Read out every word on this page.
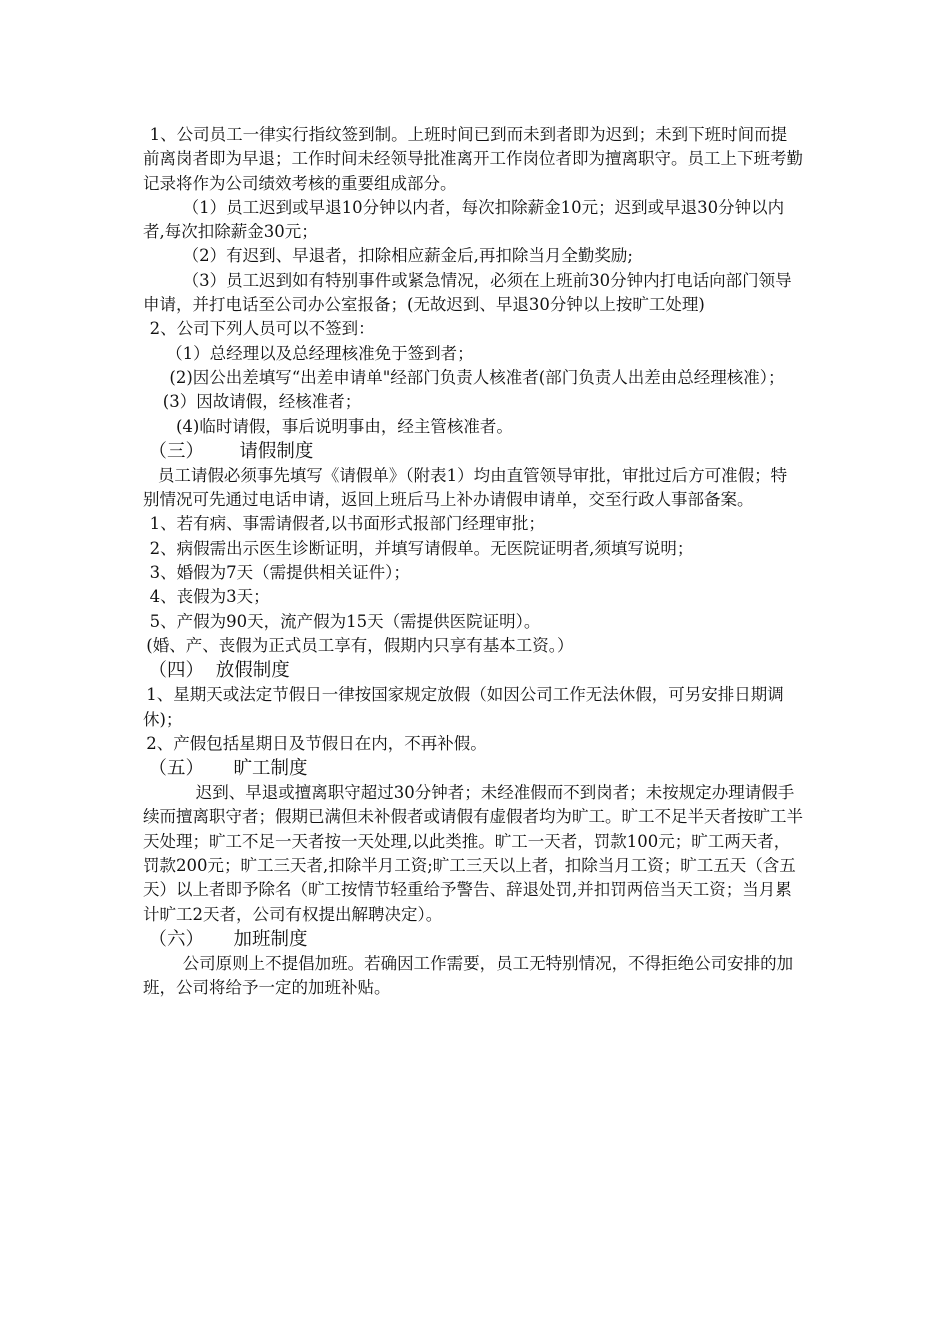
1、公司员工一律实行指纹签到制。上班时间已到而未到者即为迟到；未到下班时间而提前离岗者即为早退；工作时间未经领导批准离开工作岗位者即为擅离职守。员工上下班考勤记录将作为公司绩效考核的重要组成部分。

（1）员工迟到或早退10分钟以内者，每次扣除薪金10元；迟到或早退30分钟以内者,每次扣除薪金30元；

（2）有迟到、早退者，扣除相应薪金后,再扣除当月全勤奖励;

（3）员工迟到如有特别事件或紧急情况，必须在上班前30分钟内打电话向部门领导申请，并打电话至公司办公室报备；(无故迟到、早退30分钟以上按旷工处理)

2、公司下列人员可以不签到：

（1）总经理以及总经理核准免于签到者；

(2)因公出差填写“出差申请单"经部门负责人核准者(部门负责人出差由总经理核准）；

(3）因故请假，经核准者；

(4)临时请假，事后说明事由，经主管核准者。

（三）      请假制度

员工请假必须事先填写《请假单》（附表1）均由直管领导审批，审批过后方可准假；特别情况可先通过电话申请，返回上班后马上补办请假申请单，交至行政人事部备案。

1、若有病、事需请假者,以书面形式报部门经理审批；

2、病假需出示医生诊断证明，并填写请假单。无医院证明者,须填写说明；

3、婚假为7天（需提供相关证件）；

4、丧假为3天；

5、产假为90天，流产假为15天（需提供医院证明）。

(婚、产、丧假为正式员工享有，假期内只享有基本工资。）

（四）  放假制度

1、星期天或法定节假日一律按国家规定放假（如因公司工作无法休假，可另安排日期调休)；

2、产假包括星期日及节假日在内，不再补假。

（五）     旷工制度

迟到、早退或擅离职守超过30分钟者；未经准假而不到岗者；未按规定办理请假手续而擅离职守者；假期已满但未补假者或请假有虚假者均为旷工。旷工不足半天者按旷工半天处理；旷工不足一天者按一天处理,以此类推。旷工一天者，罚款100元；旷工两天者，罚款200元；旷工三天者,扣除半月工资;旷工三天以上者，扣除当月工资；旷工五天（含五天）以上者即予除名（旷工按情节轻重给予警告、辞退处罚,并扣罚两倍当天工资；当月累计旷工2天者，公司有权提出解聘决定）。

（六）     加班制度

公司原则上不提倡加班。若确因工作需要，员工无特别情况，不得拒绝公司安排的加班，公司将给予一定的加班补贴。
